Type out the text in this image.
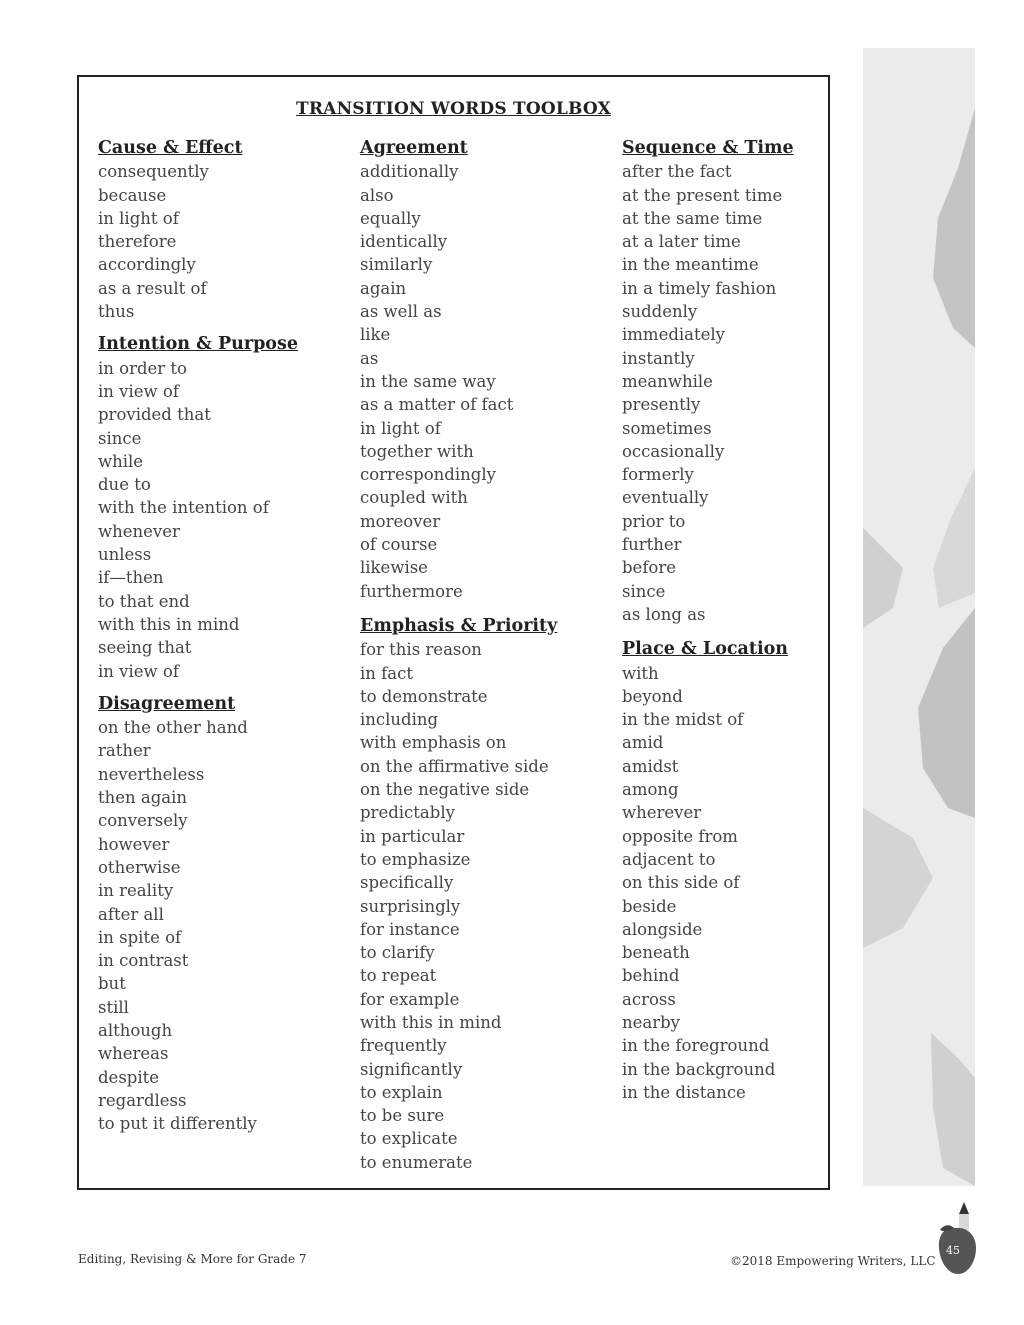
TRANSITION WORDS TOOLBOX
Cause & Effect
consequently
because
in light of
therefore
accordingly
as a result of
thus
Intention & Purpose
in order to
in view of
provided that
since
while
due to
with the intention of
whenever
unless
if—then
to that end
with this in mind
seeing that
in view of
Disagreement
on the other hand
rather
nevertheless
then again
conversely
however
otherwise
in reality
after all
in spite of
in contrast
but
still
although
whereas
despite
regardless
to put it differently
Agreement
additionally
also
equally
identically
similarly
again
as well as
like
as
in the same way
as a matter of fact
in light of
together with
correspondingly
coupled with
moreover
of course
likewise
furthermore
Emphasis & Priority
for this reason
in fact
to demonstrate
including
with emphasis on
on the affirmative side
on the negative side
predictably
in particular
to emphasize
specifically
surprisingly
for instance
to clarify
to repeat
for example
with this in mind
frequently
significantly
to explain
to be sure
to explicate
to enumerate
Sequence & Time
after the fact
at the present time
at the same time
at a later time
in the meantime
in a timely fashion
suddenly
immediately
instantly
meanwhile
presently
sometimes
occasionally
formerly
eventually
prior to
further
before
since
as long as
Place & Location
with
beyond
in the midst of
amid
amidst
among
wherever
opposite from
adjacent to
on this side of
beside
alongside
beneath
behind
across
nearby
in the foreground
in the background
in the distance
Editing, Revising & More for Grade 7	©2018 Empowering Writers, LLC
45
